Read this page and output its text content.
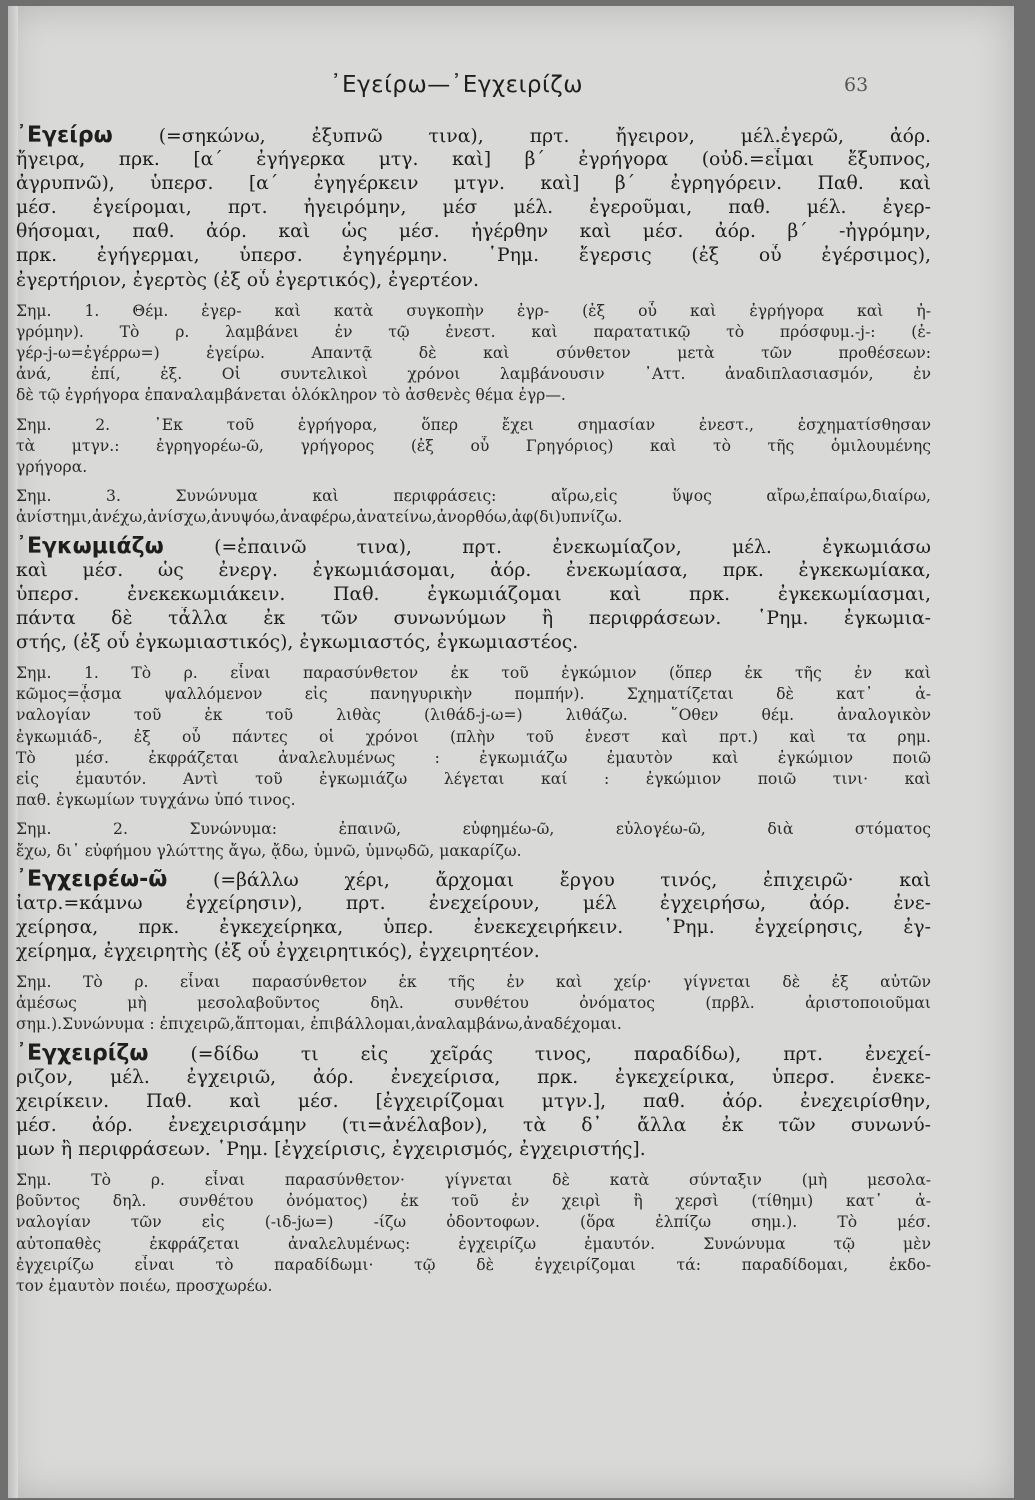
᾿Εγείρω—᾿Εγχειρίζω	63
᾿Εγείρω (=σηκώνω, ἐξυπνῶ τινα), πρτ. ἤγειρον, μέλ.ἐγερῶ, ἀόρ.
ἤγειρα, πρκ. [α΄ ἐγήγερκα μτγ. καὶ] β΄ ἐγρήγορα (οὐδ.=εἶμαι ἔξυπνος,
ἀγρυπνῶ), ὑπερσ. [α΄ ἐγηγέρκειν μτγν. καὶ] β΄ ἐγρηγόρειν. Παθ. καὶ
μέσ. ἐγείρομαι, πρτ. ἠγειρόμην, μέσ μέλ. ἐγεροῦμαι, παθ. μέλ. ἐγερ-
θήσομαι, παθ. ἀόρ. καὶ ὡς μέσ. ἠγέρθην καὶ μέσ. ἀόρ. β΄ -ἠγρόμην,
πρκ. ἐγήγερμαι, ὑπερσ. ἐγηγέρμην. ῾Ρημ. ἔγερσις (ἐξ οὗ ἐγέρσιμος),
ἐγερτήριον, ἐγερτὸς (ἐξ οὗ ἐγερτικός), ἐγερτέον.
Σημ. 1. Θέμ. ἐγερ- καὶ κατὰ συγκοπὴν ἐγρ- (ἐξ οὗ καὶ ἐγρήγορα καὶ ἠ-
γρόμην). Τὸ ρ. λαμβάνει ἐν τῷ ἐνεστ. καὶ παρατατικῷ τὸ πρόσφυμ.-j-: (ἐ-
γέρ-j-ω=ἐγέρρω=) ἐγείρω. Απαντᾷ δὲ καὶ σύνθετον μετὰ τῶν προθέσεων:
ἀνά, ἐπί, ἐξ. Οἱ συντελικοὶ χρόνοι λαμβάνουσιν ᾿Αττ. ἀναδιπλασιασμόν, ἐν
δὲ τῷ ἐγρήγορα ἐπαναλαμβάνεται ὁλόκληρον τὸ ἀσθενὲς θέμα ἐγρ—.
Σημ. 2. ᾿Εκ τοῦ ἐγρήγορα, ὅπερ ἔχει σημασίαν ἐνεστ., ἐσχηματίσθησαν
τὰ μτγν.: ἐγρηγορέω-ῶ, γρήγορος (ἐξ οὗ Γρηγόριος) καὶ τὸ τῆς ὁμιλουμένης
γρήγορα.
Σημ. 3. Συνώνυμα καὶ περιφράσεις: αἴρω,εἰς ὕψος αἴρω,ἐπαίρω,διαίρω,
ἀνίστημι,ἀνέχω,ἀνίσχω,ἀνυψόω,ἀναφέρω,ἀνατείνω,ἀνορθόω,ἀφ(δι)υπνίζω.
᾿Εγκωμιάζω (=ἐπαινῶ τινα), πρτ. ἐνεκωμίαζον, μέλ. ἐγκωμιάσω
καὶ μέσ. ὡς ἐνεργ. ἐγκωμιάσομαι, ἀόρ. ἐνεκωμίασα, πρκ. ἐγκεκωμίακα,
ὑπερσ. ἐνεκεκωμιάκειν. Παθ. ἐγκωμιάζομαι καὶ πρκ. ἐγκεκωμίασμαι,
πάντα δὲ τἆλλα ἐκ τῶν συνωνύμων ἢ περιφράσεων. ῾Ρημ. ἐγκωμια-
στής, (ἐξ οὗ ἐγκωμιαστικός), ἐγκωμιαστός, ἐγκωμιαστέος.
Σημ. 1. Τὸ ρ. εἶναι παρασύνθετον ἐκ τοῦ ἐγκώμιον (ὅπερ ἐκ τῆς ἐν καὶ
κῶμος=ᾆσμα ψαλλόμενον εἰς πανηγυρικὴν πομπήν). Σχηματίζεται δὲ κατ᾽ ἀ-
ναλογίαν τοῦ ἐκ τοῦ λιθὰς (λιθάδ-j-ω=) λιθάζω. ῞Οθεν θέμ. ἀναλογικὸν
ἐγκωμιάδ-, ἐξ οὗ πάντες οἱ χρόνοι (πλὴν τοῦ ἐνεστ καὶ πρτ.) καὶ τα ρημ.
Τὸ μέσ. ἐκφράζεται ἀναλελυμένως : ἐγκωμιάζω ἐμαυτὸν καὶ ἐγκώμιον ποιῶ
εἰς ἐμαυτόν. Αντὶ τοῦ ἐγκωμιάζω λέγεται καί : ἐγκώμιον ποιῶ τινι· καὶ
παθ. ἐγκωμίων τυγχάνω ὑπό τινος.
Σημ. 2. Συνώνυμα: ἐπαινῶ, εὐφημέω-ῶ, εὐλογέω-ῶ, διὰ στόματος
ἔχω, δι᾽ εὐφήμου γλώττης ἄγω, ᾄδω, ὑμνῶ, ὑμνῳδῶ, μακαρίζω.
᾿Εγχειρέω-ῶ (=βάλλω χέρι, ἄρχομαι ἔργου τινός, ἐπιχειρῶ· καὶ
ἰατρ.=κάμνω ἐγχείρησιν), πρτ. ἐνεχείρουν, μέλ ἐγχειρήσω, ἀόρ. ἐνε-
χείρησα, πρκ. ἐγκεχείρηκα, ὑπερ. ἐνεκεχειρήκειν. ῾Ρημ. ἐγχείρησις, ἐγ-
χείρημα, ἐγχειρητὴς (ἐξ οὗ ἐγχειρητικός), ἐγχειρητέον.
Σημ. Τὸ ρ. εἶναι παρασύνθετον ἐκ τῆς ἐν καὶ χείρ· γίγνεται δὲ ἐξ αὐτῶν
ἀμέσως μὴ μεσολαβοῦντος δηλ. συνθέτου ὀνόματος (πρβλ. ἀριστοποιοῦμαι
σημ.).Συνώνυμα : ἐπιχειρῶ,ἅπτομαι, ἐπιβάλλομαι,ἀναλαμβάνω,ἀναδέχομαι.
᾿Εγχειρίζω (=δίδω τι εἰς χεῖράς τινος, παραδίδω), πρτ. ἐνεχεί-
ριζον, μέλ. ἐγχειριῶ, ἀόρ. ἐνεχείρισα, πρκ. ἐγκεχείρικα, ὑπερσ. ἐνεκε-
χειρίκειν. Παθ. καὶ μέσ. [ἐγχειρίζομαι μτγν.], παθ. ἀόρ. ἐνεχειρίσθην,
μέσ. ἀόρ. ἐνεχειρισάμην (τι=ἀνέλαβον), τὰ δ᾽ ἄλλα ἐκ τῶν συνωνύ-
μων ἢ περιφράσεων. ῾Ρημ. [ἐγχείρισις, ἐγχειρισμός, ἐγχειριστής].
Σημ. Τὸ ρ. εἶναι παρασύνθετον· γίγνεται δὲ κατὰ σύνταξιν (μὴ μεσολα-
βοῦντος δηλ. συνθέτου ὀνόματος) ἐκ τοῦ ἐν χειρὶ ἢ χερσὶ (τίθημι) κατ᾽ ἀ-
ναλογίαν τῶν εἰς (-ιδ-jω=) -ίζω ὀδοντοφων. (ὅρα ἐλπίζω σημ.). Τὸ μέσ.
αὐτοπαθὲς ἐκφράζεται ἀναλελυμένως: ἐγχειρίζω ἐμαυτόν. Συνώνυμα τῷ μὲν
ἐγχειρίζω εἶναι τὸ παραδίδωμι· τῷ δὲ ἐγχειρίζομαι τά: παραδίδομαι, ἐκδο-
τον ἐμαυτὸν ποιέω, προσχωρέω.
